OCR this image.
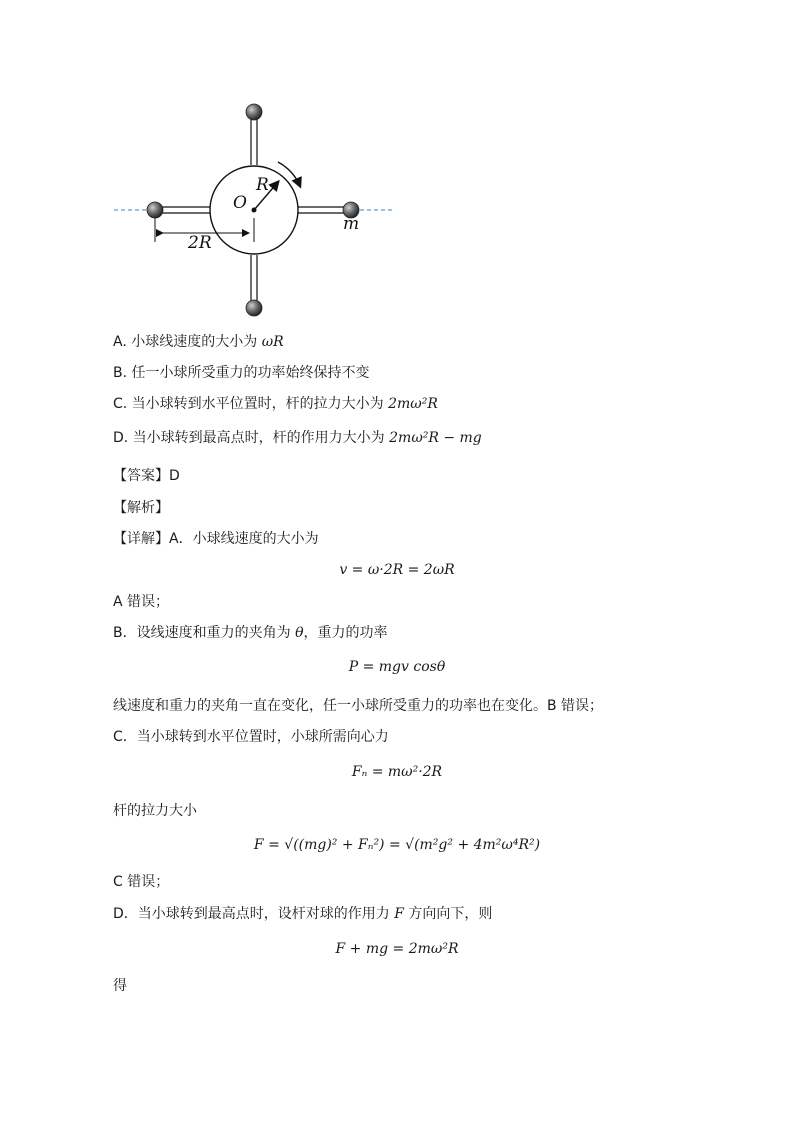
R
O
2R
m
A. 小球线速度的大小为 ωR
B. 任一小球所受重力的功率始终保持不变
C. 当小球转到水平位置时，杆的拉力大小为 2mω²R
D. 当小球转到最高点时，杆的作用力大小为 2mω²R − mg
【答案】D
【解析】
【详解】A．小球线速度的大小为
v = ω·2R = 2ωR
A 错误；
B．设线速度和重力的夹角为 θ，重力的功率
P = mgv cosθ
线速度和重力的夹角一直在变化，任一小球所受重力的功率也在变化。B 错误；
C．当小球转到水平位置时，小球所需向心力
Fₙ = mω²·2R
杆的拉力大小
F = √((mg)² + Fₙ²) = √(m²g² + 4m²ω⁴R²)
C 错误；
D．当小球转到最高点时，设杆对球的作用力 F 方向向下，则
F + mg = 2mω²R
得
